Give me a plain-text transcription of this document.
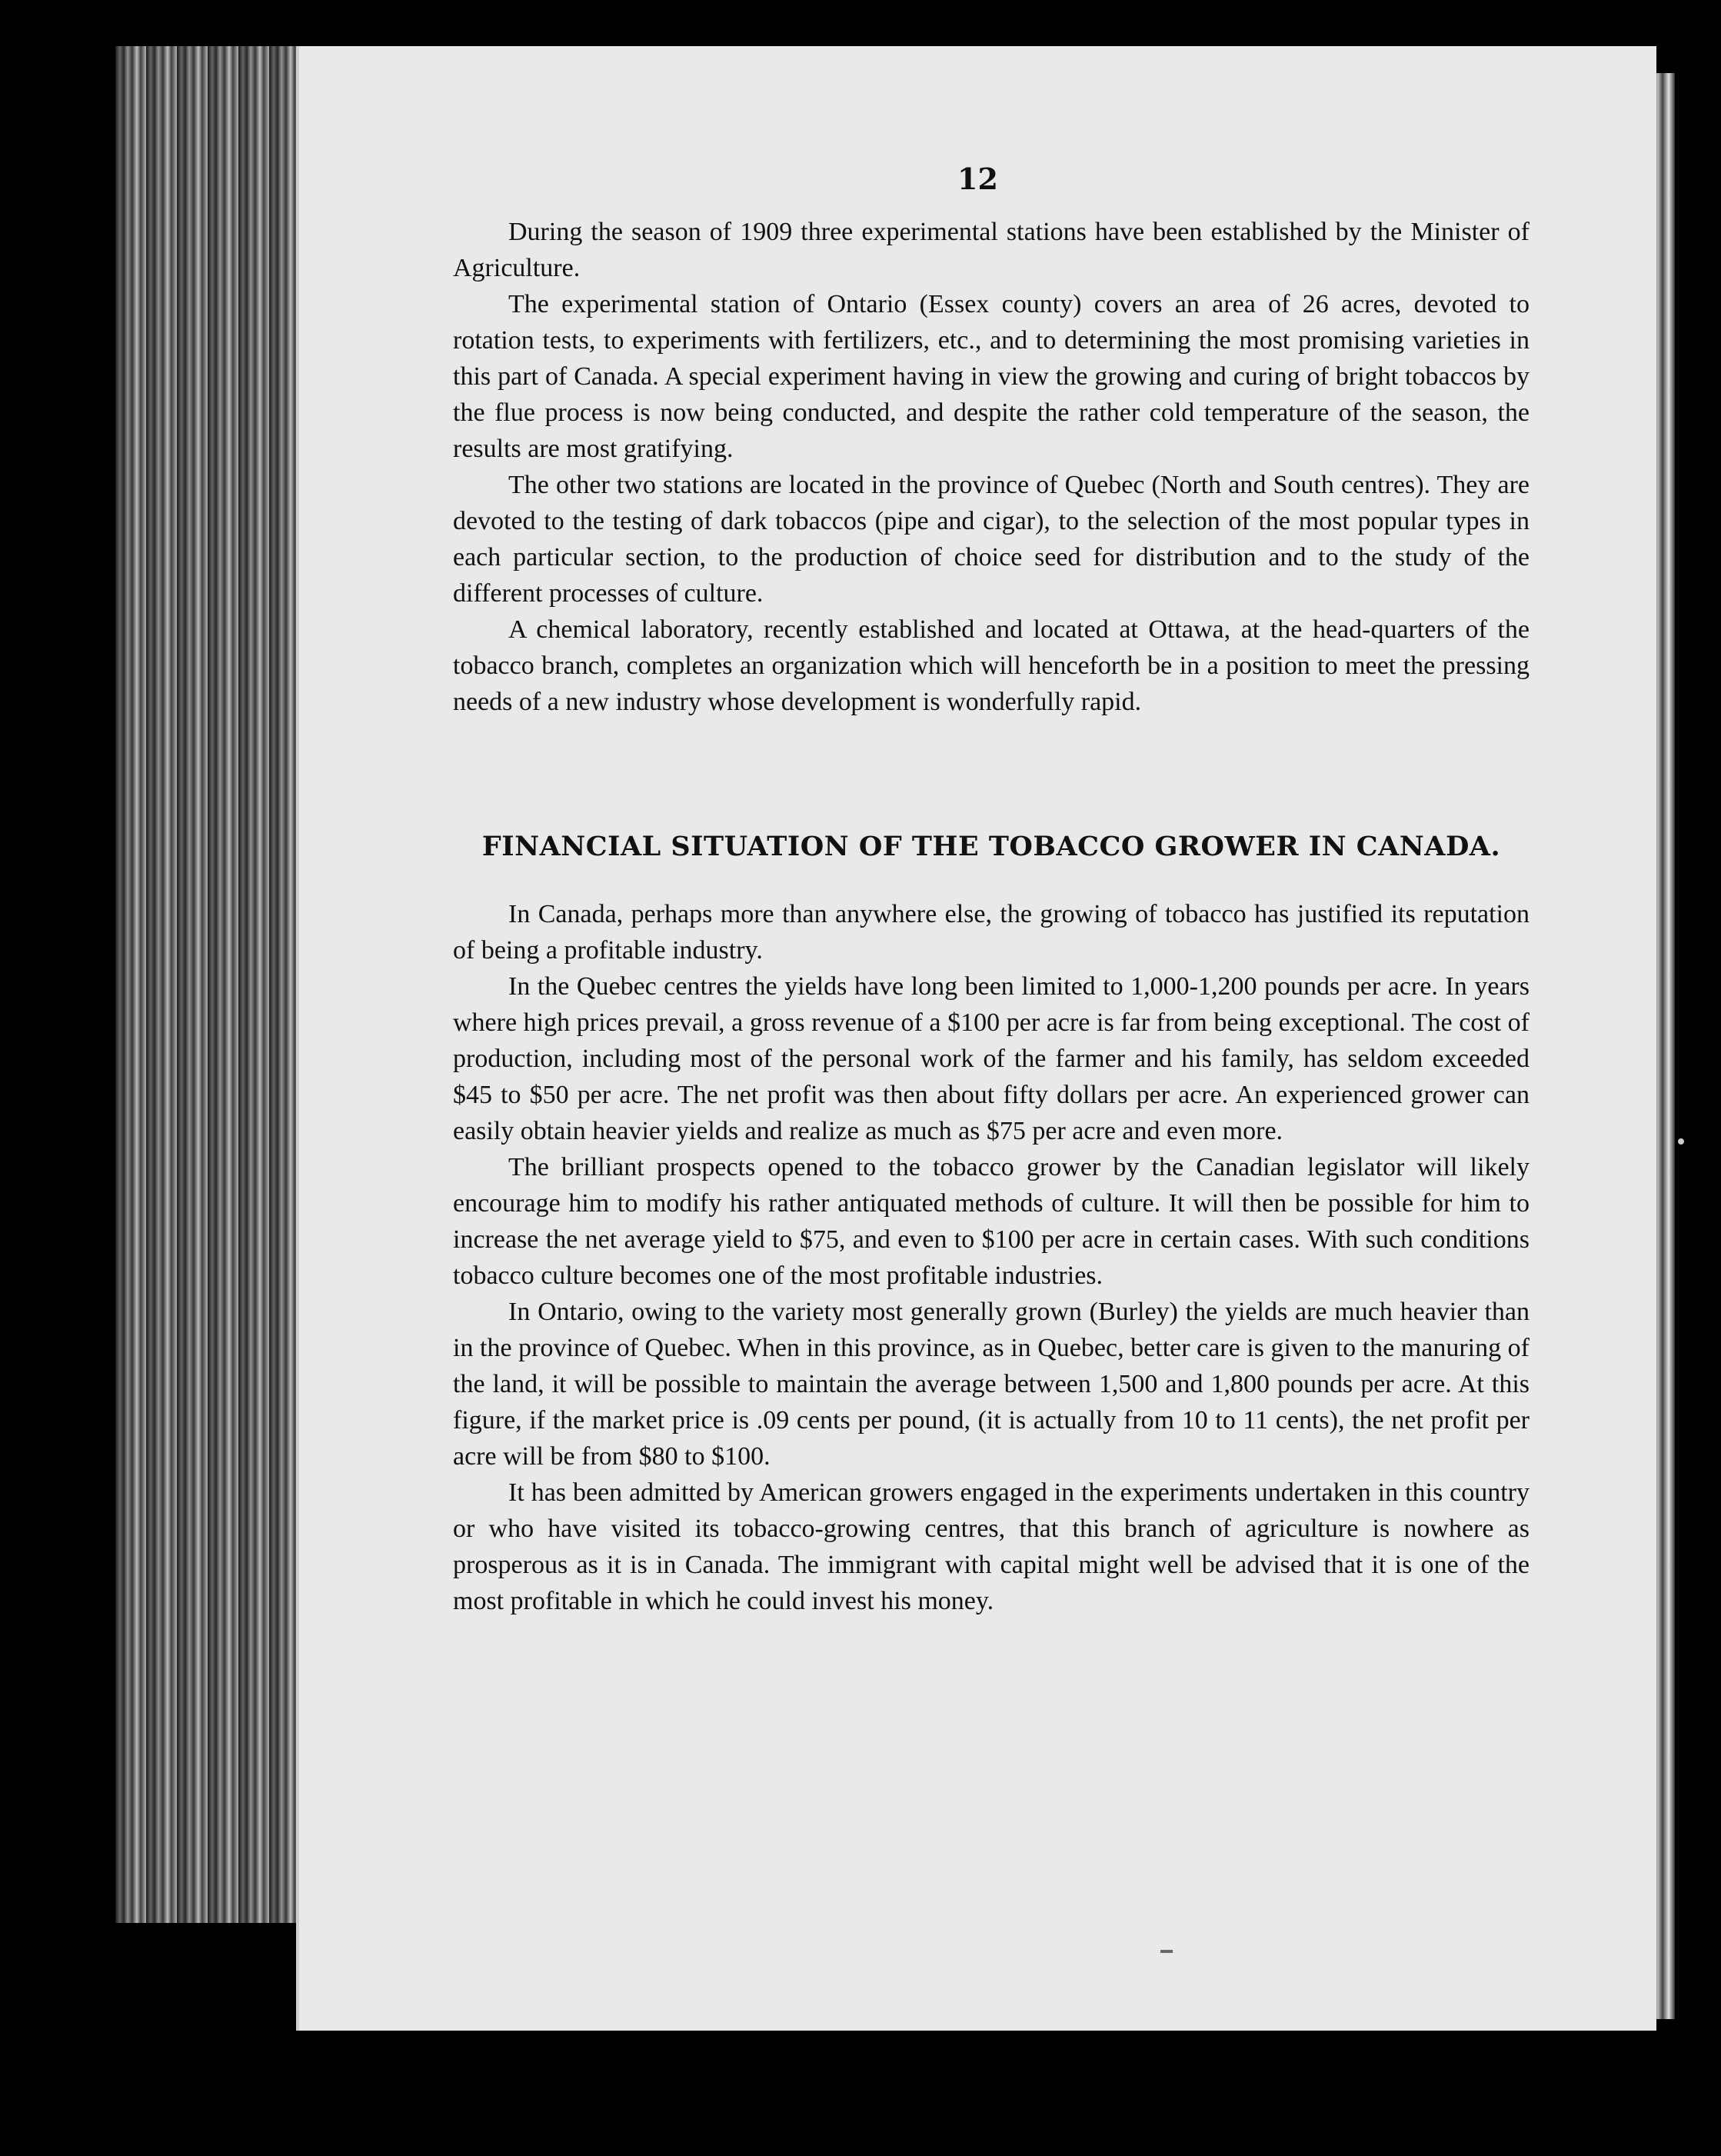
12

During the season of 1909 three experimental stations have been established by the Minister of Agriculture.

The experimental station of Ontario (Essex county) covers an area of 26 acres, devoted to rotation tests, to experiments with fertilizers, etc., and to determining the most promising varieties in this part of Canada. A special experiment having in view the growing and curing of bright tobaccos by the flue process is now being conducted, and despite the rather cold temperature of the season, the results are most gratifying.

The other two stations are located in the province of Quebec (North and South centres). They are devoted to the testing of dark tobaccos (pipe and cigar), to the selection of the most popular types in each particular section, to the production of choice seed for distribution and to the study of the different processes of culture.

A chemical laboratory, recently established and located at Ottawa, at the head-quarters of the tobacco branch, completes an organization which will henceforth be in a position to meet the pressing needs of a new industry whose development is wonderfully rapid.

FINANCIAL SITUATION OF THE TOBACCO GROWER IN CANADA.

In Canada, perhaps more than anywhere else, the growing of tobacco has justified its reputation of being a profitable industry.

In the Quebec centres the yields have long been limited to 1,000-1,200 pounds per acre. In years where high prices prevail, a gross revenue of a $100 per acre is far from being exceptional. The cost of production, including most of the personal work of the farmer and his family, has seldom exceeded $45 to $50 per acre. The net profit was then about fifty dollars per acre. An experienced grower can easily obtain heavier yields and realize as much as $75 per acre and even more.

The brilliant prospects opened to the tobacco grower by the Canadian legislator will likely encourage him to modify his rather antiquated methods of culture. It will then be possible for him to increase the net average yield to $75, and even to $100 per acre in certain cases. With such conditions tobacco culture becomes one of the most profitable industries.

In Ontario, owing to the variety most generally grown (Burley) the yields are much heavier than in the province of Quebec. When in this province, as in Quebec, better care is given to the manuring of the land, it will be possible to maintain the average between 1,500 and 1,800 pounds per acre. At this figure, if the market price is .09 cents per pound, (it is actually from 10 to 11 cents), the net profit per acre will be from $80 to $100.

It has been admitted by American growers engaged in the experiments undertaken in this country or who have visited its tobacco-growing centres, that this branch of agriculture is nowhere as prosperous as it is in Canada. The immigrant with capital might well be advised that it is one of the most profitable in which he could invest his money.
